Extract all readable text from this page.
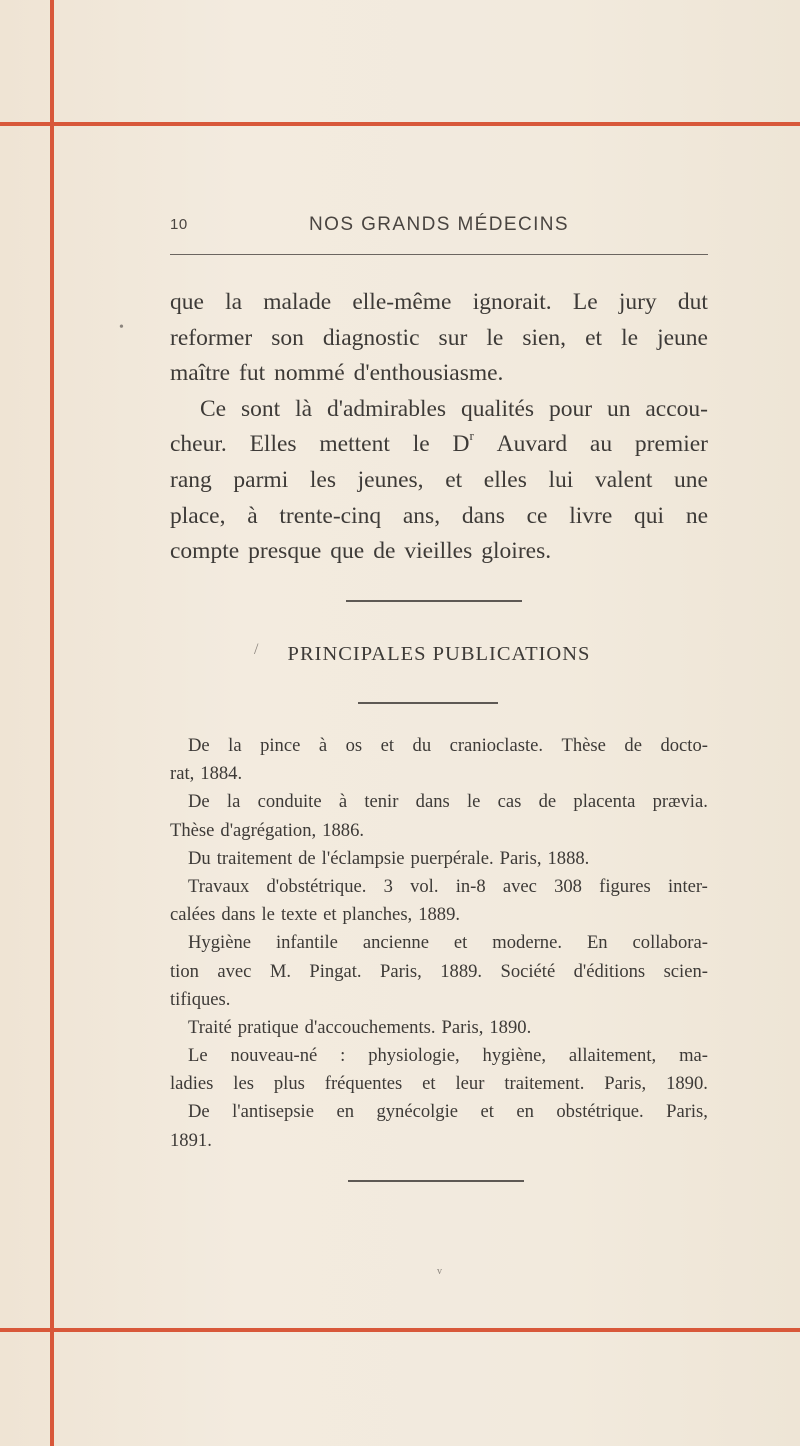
10	NOS GRANDS MÉDECINS
que la malade elle-même ignorait. Le jury dut
reformer son diagnostic sur le sien, et le jeune
maître fut nommé d'enthousiasme.
Ce sont là d'admirables qualités pour un accou-
cheur. Elles mettent le $D^r$ Auvard au premier
rang parmi les jeunes, et elles lui valent une
place, à trente-cinq ans, dans ce livre qui ne
compte presque que de vieilles gloires.
PRINCIPALES PUBLICATIONS
De la pince à os et du cranioclaste. Thèse de docto-
rat, 1884.
De la conduite à tenir dans le cas de placenta prævia.
Thèse d'agrégation, 1886.
Du traitement de l'éclampsie puerpérale. Paris, 1888.
Travaux d'obstétrique. 3 vol. in-8 avec 308 figures inter-
calées dans le texte et planches, 1889.
Hygiène infantile ancienne et moderne. En collabora-
tion avec M. Pingat. Paris, 1889. Société d'éditions scien-
tifiques.
Traité pratique d'accouchements. Paris, 1890.
Le nouveau-né : physiologie, hygiène, allaitement, ma-
ladies les plus fréquentes et leur traitement. Paris, 1890.
De l'antisepsie en gynécolgie et en obstétrique. Paris,
1891.
•
/
v
